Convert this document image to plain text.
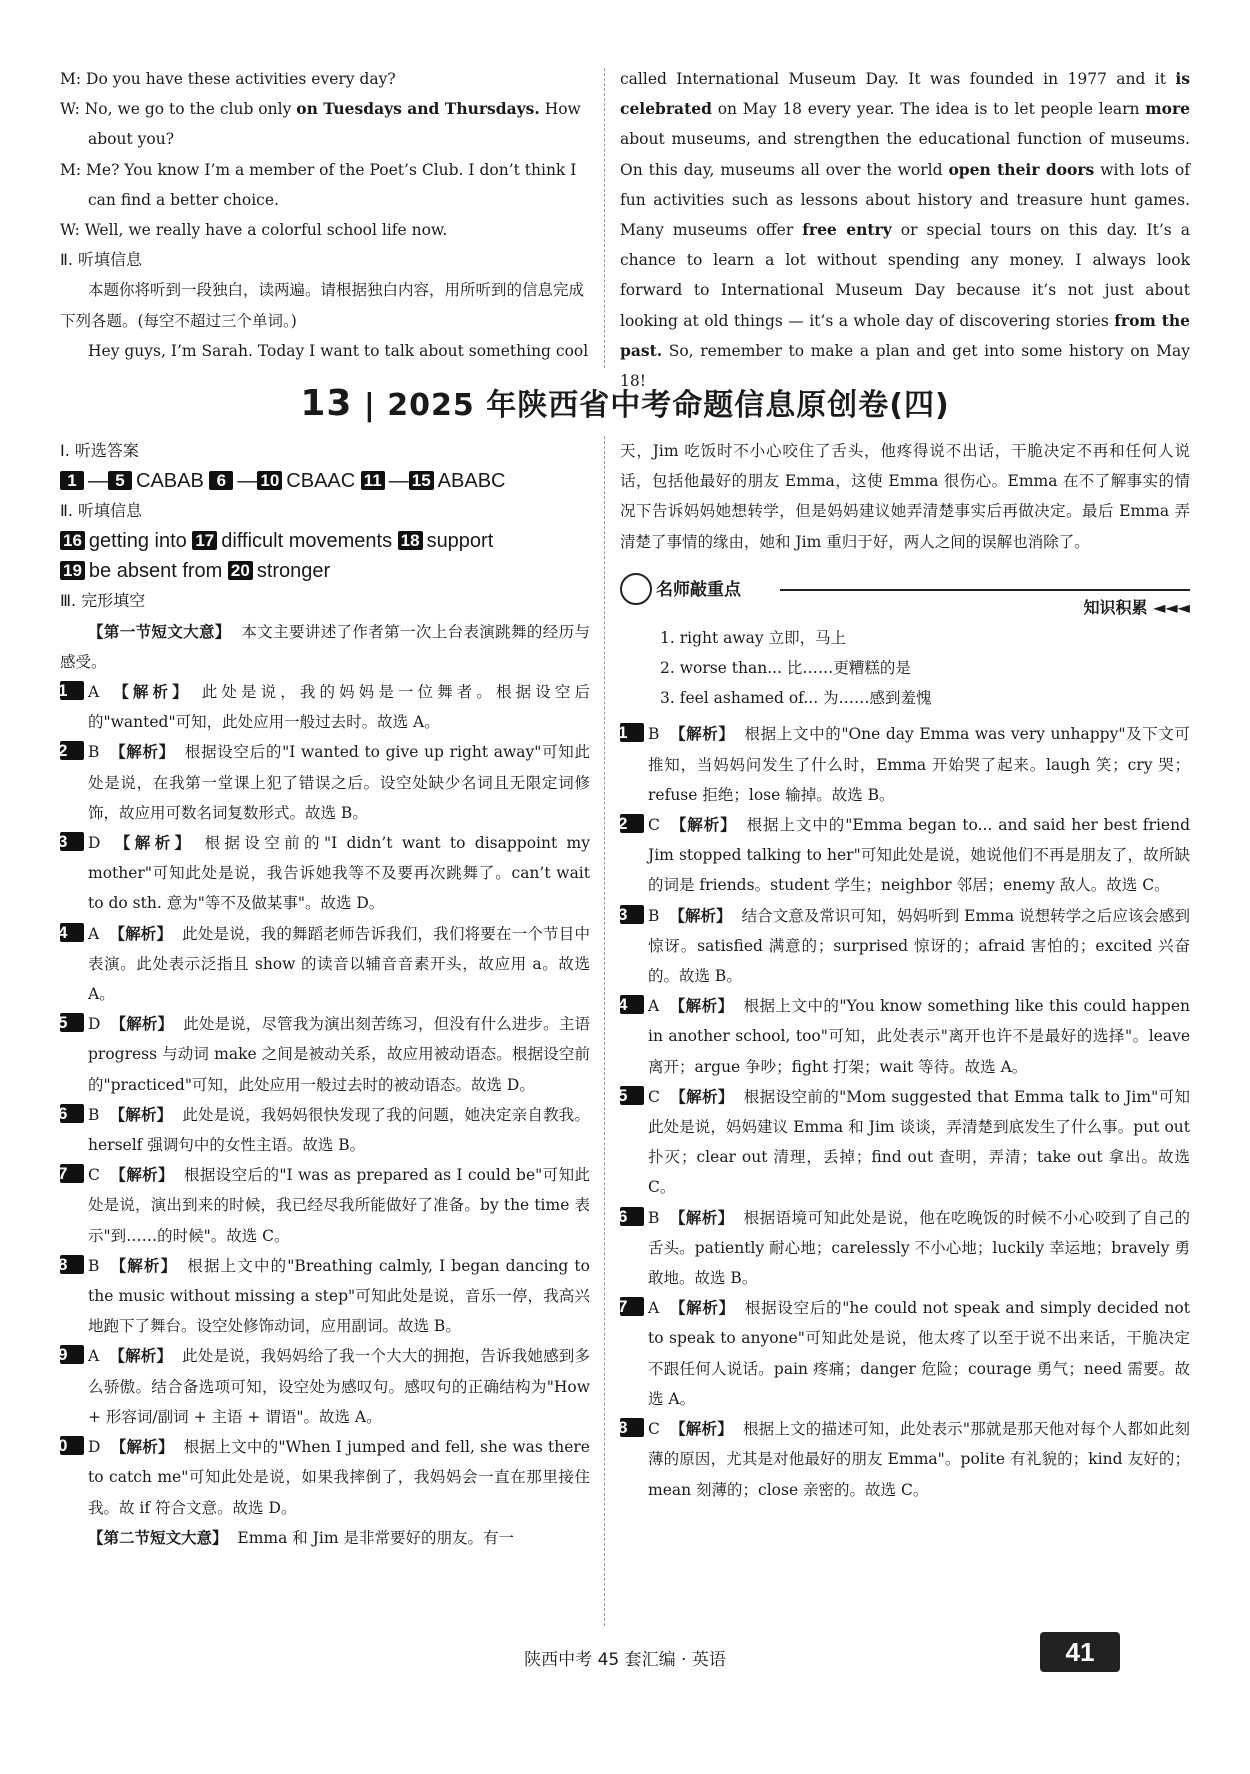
M: Do you have these activities every day?

W: No, we go to the club only on Tuesdays and Thursdays. How about you?

M: Me? You know I’m a member of the Poet’s Club. I don’t think I can find a better choice.

W: Well, we really have a colorful school life now.

Ⅱ. 听填信息

本题你将听到一段独白，读两遍。请根据独白内容，用所听到的信息完成下列各题。(每空不超过三个单词。)

Hey guys, I’m Sarah. Today I want to talk about something cool

called International Museum Day. It was founded in 1977 and it is celebrated on May 18 every year. The idea is to let people learn more about museums, and strengthen the educational function of museums. On this day, museums all over the world open their doors with lots of fun activities such as lessons about history and treasure hunt games. Many museums offer free entry or special tours on this day. It’s a chance to learn a lot without spending any money. I always look forward to International Museum Day because it’s not just about looking at old things — it’s a whole day of discovering stories from the past. So, remember to make a plan and get into some history on May 18!

13 | 2025 年陕西省中考命题信息原创卷(四)

Ⅰ. 听选答案

1 — 5 CABAB 6 — 10 CBAAC 11 — 15 ABABC

Ⅱ. 听填信息

16 getting into 17 difficult movements 18 support
19 be absent from 20 stronger

Ⅲ. 完形填空

【第一节短文大意】 本文主要讲述了作者第一次上台表演跳舞的经历与感受。

21 A 【解析】 此处是说，我的妈妈是一位舞者。根据设空后的"wanted"可知，此处应用一般过去时。故选 A。

22 B 【解析】 根据设空后的"I wanted to give up right away"可知此处是说，在我第一堂课上犯了错误之后。设空处缺少名词且无限定词修饰，故应用可数名词复数形式。故选 B。

23 D 【解析】 根据设空前的"I didn’t want to disappoint my mother"可知此处是说，我告诉她我等不及要再次跳舞了。can’t wait to do sth. 意为"等不及做某事"。故选 D。

24 A 【解析】 此处是说，我的舞蹈老师告诉我们，我们将要在一个节目中表演。此处表示泛指且 show 的读音以辅音音素开头，故应用 a。故选 A。

25 D 【解析】 此处是说，尽管我为演出刻苦练习，但没有什么进步。主语 progress 与动词 make 之间是被动关系，故应用被动语态。根据设空前的"practiced"可知，此处应用一般过去时的被动语态。故选 D。

26 B 【解析】 此处是说，我妈妈很快发现了我的问题，她决定亲自教我。herself 强调句中的女性主语。故选 B。

27 C 【解析】 根据设空后的"I was as prepared as I could be"可知此处是说，演出到来的时候，我已经尽我所能做好了准备。by the time 表示"到……的时候"。故选 C。

28 B 【解析】 根据上文中的"Breathing calmly, I began dancing to the music without missing a step"可知此处是说，音乐一停，我高兴地跑下了舞台。设空处修饰动词，应用副词。故选 B。

29 A 【解析】 此处是说，我妈妈给了我一个大大的拥抱，告诉我她感到多么骄傲。结合备选项可知，设空处为感叹句。感叹句的正确结构为"How + 形容词/副词 + 主语 + 谓语"。故选 A。

30 D 【解析】 根据上文中的"When I jumped and fell, she was there to catch me"可知此处是说，如果我摔倒了，我妈妈会一直在那里接住我。故 if 符合文意。故选 D。

【第二节短文大意】 Emma 和 Jim 是非常要好的朋友。有一

天，Jim 吃饭时不小心咬住了舌头，他疼得说不出话，干脆决定不再和任何人说话，包括他最好的朋友 Emma，这使 Emma 很伤心。Emma 在不了解事实的情况下告诉妈妈她想转学，但是妈妈建议她弄清楚事实后再做决定。最后 Emma 弄清楚了事情的缘由，她和 Jim 重归于好，两人之间的误解也消除了。

名师敲重点
知识积累 ◄◄◄

1. right away 立即，马上

2. worse than... 比……更糟糕的是

3. feel ashamed of... 为……感到羞愧

31 B 【解析】 根据上文中的"One day Emma was very unhappy"及下文可推知，当妈妈问发生了什么时，Emma 开始哭了起来。laugh 笑；cry 哭；refuse 拒绝；lose 输掉。故选 B。

32 C 【解析】 根据上文中的"Emma began to... and said her best friend Jim stopped talking to her"可知此处是说，她说他们不再是朋友了，故所缺的词是 friends。student 学生；neighbor 邻居；enemy 敌人。故选 C。

33 B 【解析】 结合文意及常识可知，妈妈听到 Emma 说想转学之后应该会感到惊讶。satisfied 满意的；surprised 惊讶的；afraid 害怕的；excited 兴奋的。故选 B。

34 A 【解析】 根据上文中的"You know something like this could happen in another school, too"可知，此处表示"离开也许不是最好的选择"。leave 离开；argue 争吵；fight 打架；wait 等待。故选 A。

35 C 【解析】 根据设空前的"Mom suggested that Emma talk to Jim"可知此处是说，妈妈建议 Emma 和 Jim 谈谈，弄清楚到底发生了什么事。put out 扑灭；clear out 清理，丢掉；find out 查明，弄清；take out 拿出。故选 C。

36 B 【解析】 根据语境可知此处是说，他在吃晚饭的时候不小心咬到了自己的舌头。patiently 耐心地；carelessly 不小心地；luckily 幸运地；bravely 勇敢地。故选 B。

37 A 【解析】 根据设空后的"he could not speak and simply decided not to speak to anyone"可知此处是说，他太疼了以至于说不出来话，干脆决定不跟任何人说话。pain 疼痛；danger 危险；courage 勇气；need 需要。故选 A。

38 C 【解析】 根据上文的描述可知，此处表示"那就是那天他对每个人都如此刻薄的原因，尤其是对他最好的朋友 Emma"。polite 有礼貌的；kind 友好的；mean 刻薄的；close 亲密的。故选 C。

陕西中考 45 套汇编 · 英语	41
